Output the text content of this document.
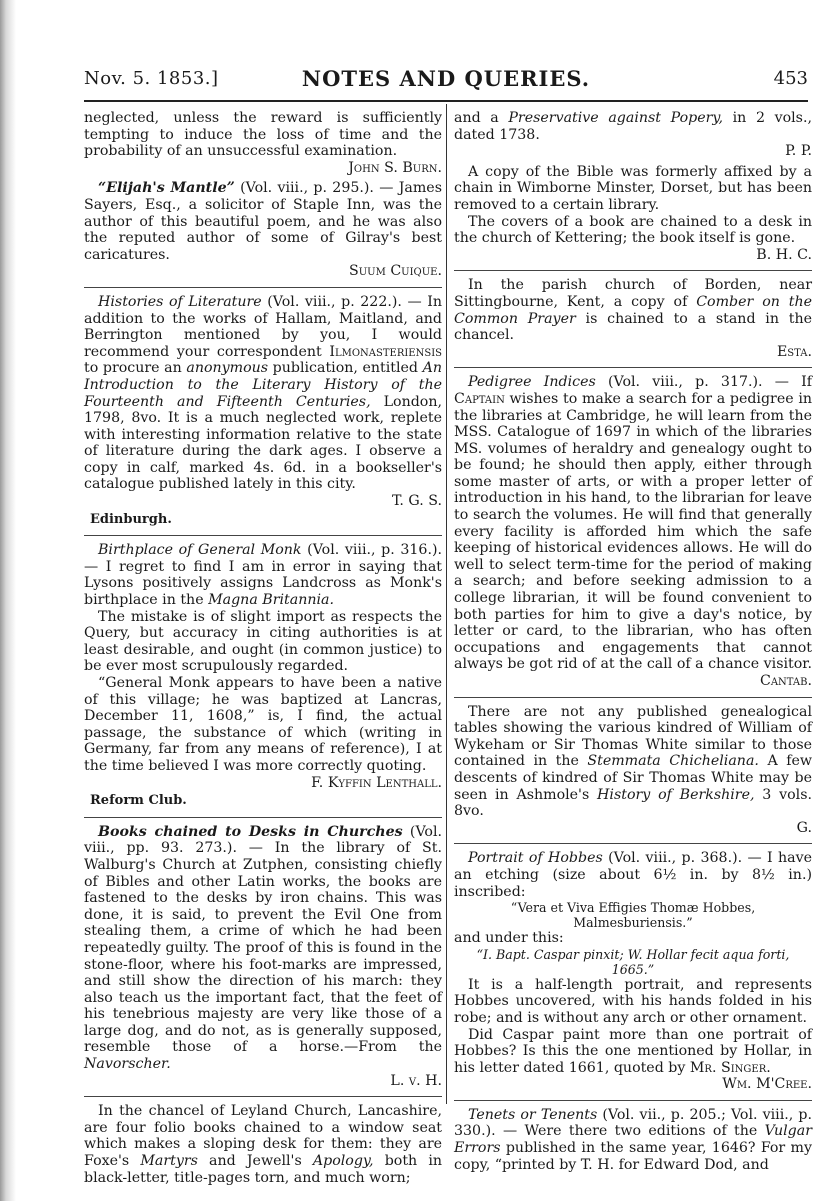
Nov. 5. 1853.]	NOTES AND QUERIES.	453

neglected, unless the reward is sufficiently tempting to induce the loss of time and the probability of an unsuccessful examination.

John S. Burn.

“Elijah's Mantle” (Vol. viii., p. 295.). — James Sayers, Esq., a solicitor of Staple Inn, was the author of this beautiful poem, and he was also the reputed author of some of Gilray's best caricatures.

Suum Cuique.

Histories of Literature (Vol. viii., p. 222.). — In addition to the works of Hallam, Maitland, and Berrington mentioned by you, I would recommend your correspondent Ilmonasteriensis to procure an anonymous publication, entitled An Introduction to the Literary History of the Fourteenth and Fifteenth Centuries, London, 1798, 8vo. It is a much neglected work, replete with interesting information relative to the state of literature during the dark ages. I observe a copy in calf, marked 4s. 6d. in a bookseller's catalogue published lately in this city.

T. G. S.

Edinburgh.

Birthplace of General Monk (Vol. viii., p. 316.). — I regret to find I am in error in saying that Lysons positively assigns Landcross as Monk's birthplace in the Magna Britannia.

The mistake is of slight import as respects the Query, but accuracy in citing authorities is at least desirable, and ought (in common justice) to be ever most scrupulously regarded.

“General Monk appears to have been a native of this village; he was baptized at Lancras, December 11, 1608,” is, I find, the actual passage, the substance of which (writing in Germany, far from any means of reference), I at the time believed I was more correctly quoting.

F. Kyffin Lenthall.

Reform Club.

Books chained to Desks in Churches (Vol. viii., pp. 93. 273.). — In the library of St. Walburg's Church at Zutphen, consisting chiefly of Bibles and other Latin works, the books are fastened to the desks by iron chains. This was done, it is said, to prevent the Evil One from stealing them, a crime of which he had been repeatedly guilty. The proof of this is found in the stone-floor, where his foot-marks are impressed, and still show the direction of his march: they also teach us the important fact, that the feet of his tenebrious majesty are very like those of a large dog, and do not, as is generally supposed, resemble those of a horse.—From the Navorscher.

L. v. H.

In the chancel of Leyland Church, Lancashire, are four folio books chained to a window seat which makes a sloping desk for them: they are Foxe's Martyrs and Jewell's Apology, both in black-letter, title-pages torn, and much worn;

and a Preservative against Popery, in 2 vols., dated 1738.

P. P.

A copy of the Bible was formerly affixed by a chain in Wimborne Minster, Dorset, but has been removed to a certain library.

The covers of a book are chained to a desk in the church of Kettering; the book itself is gone.

B. H. C.

In the parish church of Borden, near Sittingbourne, Kent, a copy of Comber on the Common Prayer is chained to a stand in the chancel.

Esta.

Pedigree Indices (Vol. viii., p. 317.). — If Captain wishes to make a search for a pedigree in the libraries at Cambridge, he will learn from the MSS. Catalogue of 1697 in which of the libraries MS. volumes of heraldry and genealogy ought to be found; he should then apply, either through some master of arts, or with a proper letter of introduction in his hand, to the librarian for leave to search the volumes. He will find that generally every facility is afforded him which the safe keeping of historical evidences allows. He will do well to select term-time for the period of making a search; and before seeking admission to a college librarian, it will be found convenient to both parties for him to give a day's notice, by letter or card, to the librarian, who has often occupations and engagements that cannot always be got rid of at the call of a chance visitor.

Cantab.

There are not any published genealogical tables showing the various kindred of William of Wykeham or Sir Thomas White similar to those contained in the Stemmata Chicheliana. A few descents of kindred of Sir Thomas White may be seen in Ashmole's History of Berkshire, 3 vols. 8vo.

G.

Portrait of Hobbes (Vol. viii., p. 368.). — I have an etching (size about 6½ in. by 8½ in.) inscribed:

“Vera et Viva Effigies Thomæ Hobbes, Malmesburiensis.”

and under this:

“I. Bapt. Caspar pinxit; W. Hollar fecit aqua forti, 1665.”

It is a half-length portrait, and represents Hobbes uncovered, with his hands folded in his robe; and is without any arch or other ornament.

Did Caspar paint more than one portrait of Hobbes? Is this the one mentioned by Hollar, in his letter dated 1661, quoted by Mr. Singer.

Wm. M'Cree.

Tenets or Tenents (Vol. vii., p. 205.; Vol. viii., p. 330.). — Were there two editions of the Vulgar Errors published in the same year, 1646? For my copy, “printed by T. H. for Edward Dod, and
